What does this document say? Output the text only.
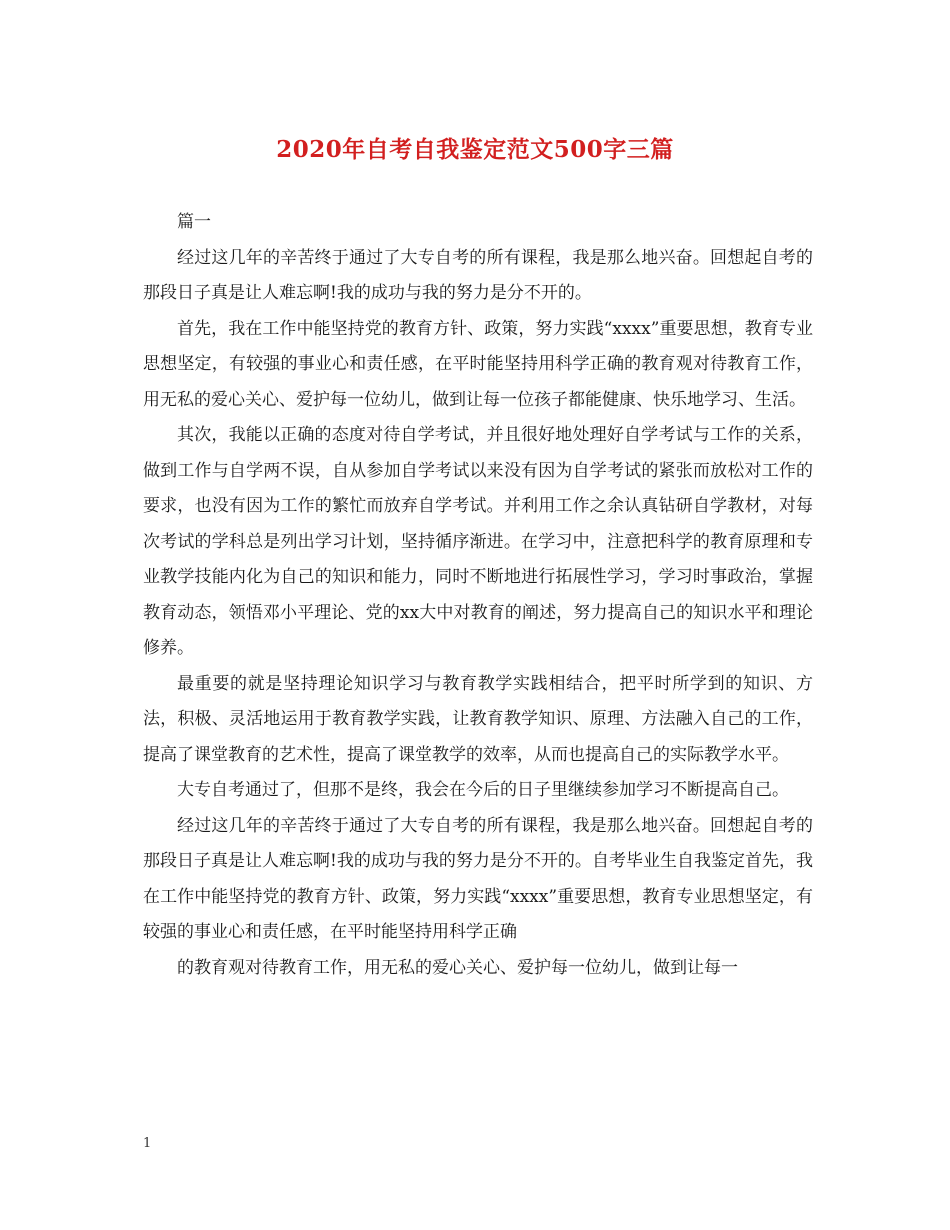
2020年自考自我鉴定范文500字三篇

篇一

经过这几年的辛苦终于通过了大专自考的所有课程，我是那么地兴奋。回想起自考的那段日子真是让人难忘啊!我的成功与我的努力是分不开的。

首先，我在工作中能坚持党的教育方针、政策，努力实践“xxxx”重要思想，教育专业思想坚定，有较强的事业心和责任感，在平时能坚持用科学正确的教育观对待教育工作，用无私的爱心关心、爱护每一位幼儿，做到让每一位孩子都能健康、快乐地学习、生活。

其次，我能以正确的态度对待自学考试，并且很好地处理好自学考试与工作的关系，做到工作与自学两不误，自从参加自学考试以来没有因为自学考试的紧张而放松对工作的要求，也没有因为工作的繁忙而放弃自学考试。并利用工作之余认真钻研自学教材，对每次考试的学科总是列出学习计划，坚持循序渐进。在学习中，注意把科学的教育原理和专业教学技能内化为自己的知识和能力，同时不断地进行拓展性学习，学习时事政治，掌握教育动态，领悟邓小平理论、党的xx大中对教育的阐述，努力提高自己的知识水平和理论修养。

最重要的就是坚持理论知识学习与教育教学实践相结合，把平时所学到的知识、方法，积极、灵活地运用于教育教学实践，让教育教学知识、原理、方法融入自己的工作，提高了课堂教育的艺术性，提高了课堂教学的效率，从而也提高自己的实际教学水平。

大专自考通过了，但那不是终，我会在今后的日子里继续参加学习不断提高自己。

经过这几年的辛苦终于通过了大专自考的所有课程，我是那么地兴奋。回想起自考的那段日子真是让人难忘啊!我的成功与我的努力是分不开的。自考毕业生自我鉴定首先，我在工作中能坚持党的教育方针、政策，努力实践“xxxx”重要思想，教育专业思想坚定，有较强的事业心和责任感，在平时能坚持用科学正确

的教育观对待教育工作，用无私的爱心关心、爱护每一位幼儿，做到让每一

1
